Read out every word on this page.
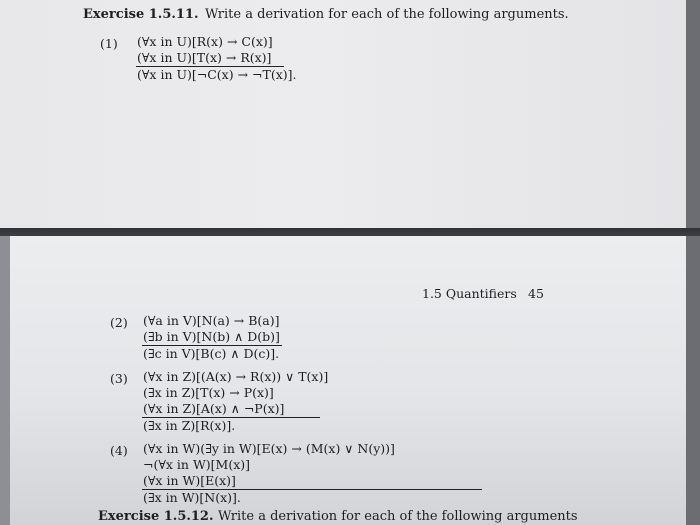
Exercise 1.5.11. Write a derivation for each of the following arguments.
(1) (∀x in U)[R(x) → C(x)]
(∀x in U)[T(x) → R(x)]
(∀x in U)[¬C(x) → ¬T(x)].
1.5 Quantifiers 45
(2) (∀a in V)[N(a) → B(a)]
(∃b in V)[N(b) ∧ D(b)]
(∃c in V)[B(c) ∧ D(c)].
(3) (∀x in Z)[(A(x) → R(x)) ∨ T(x)]
(∃x in Z)[T(x) → P(x)]
(∀x in Z)[A(x) ∧ ¬P(x)]
(∃x in Z)[R(x)].
(4) (∀x in W)(∃y in W)[E(x) → (M(x) ∨ N(y))]
¬(∀x in W)[M(x)]
(∀x in W)[E(x)]
(∃x in W)[N(x)].
Exercise 1.5.12. Write a derivation for each of the following arguments
